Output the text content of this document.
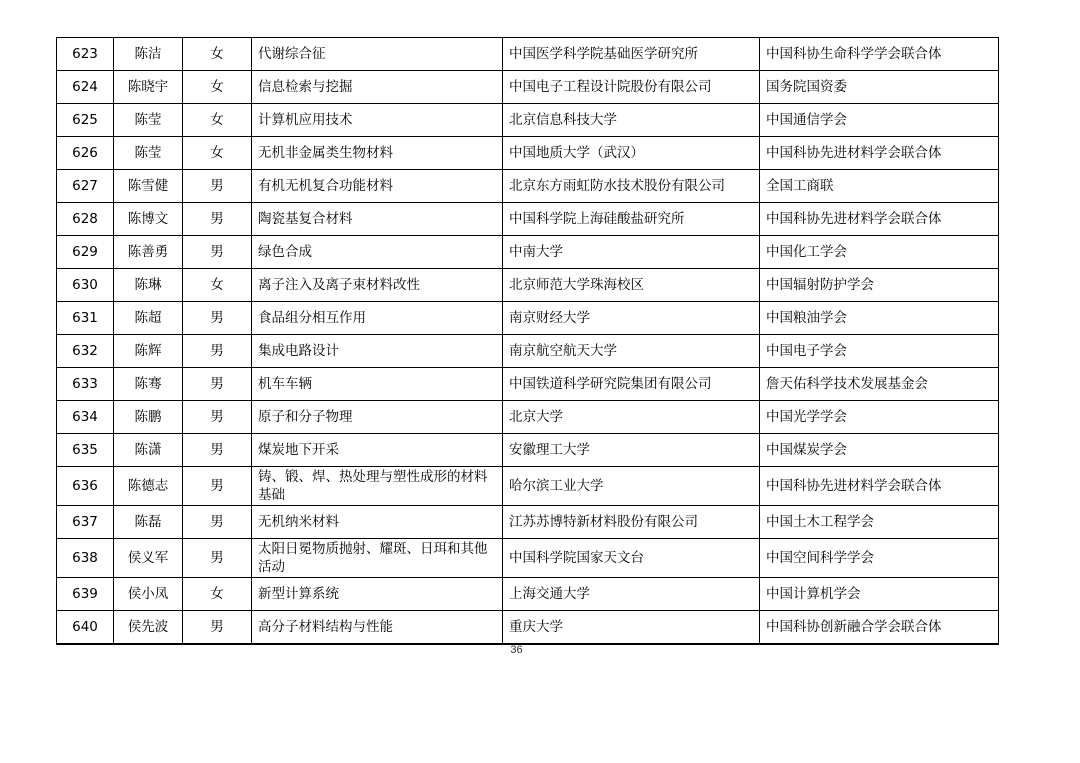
623	陈洁	女	代谢综合征	中国医学科学院基础医学研究所	中国科协生命科学学会联合体
624	陈晓宇	女	信息检索与挖掘	中国电子工程设计院股份有限公司	国务院国资委
625	陈莹	女	计算机应用技术	北京信息科技大学	中国通信学会
626	陈莹	女	无机非金属类生物材料	中国地质大学（武汉）	中国科协先进材料学会联合体
627	陈雪健	男	有机无机复合功能材料	北京东方雨虹防水技术股份有限公司	全国工商联
628	陈博文	男	陶瓷基复合材料	中国科学院上海硅酸盐研究所	中国科协先进材料学会联合体
629	陈善勇	男	绿色合成	中南大学	中国化工学会
630	陈琳	女	离子注入及离子束材料改性	北京师范大学珠海校区	中国辐射防护学会
631	陈超	男	食品组分相互作用	南京财经大学	中国粮油学会
632	陈辉	男	集成电路设计	南京航空航天大学	中国电子学会
633	陈骞	男	机车车辆	中国铁道科学研究院集团有限公司	詹天佑科学技术发展基金会
634	陈鹏	男	原子和分子物理	北京大学	中国光学学会
635	陈潇	男	煤炭地下开采	安徽理工大学	中国煤炭学会
636	陈德志	男	铸、锻、焊、热处理与塑性成形的材料基础	哈尔滨工业大学	中国科协先进材料学会联合体
637	陈磊	男	无机纳米材料	江苏苏博特新材料股份有限公司	中国土木工程学会
638	侯义军	男	太阳日冕物质抛射、耀斑、日珥和其他活动	中国科学院国家天文台	中国空间科学学会
639	侯小凤	女	新型计算系统	上海交通大学	中国计算机学会
640	侯先波	男	高分子材料结构与性能	重庆大学	中国科协创新融合学会联合体
36
